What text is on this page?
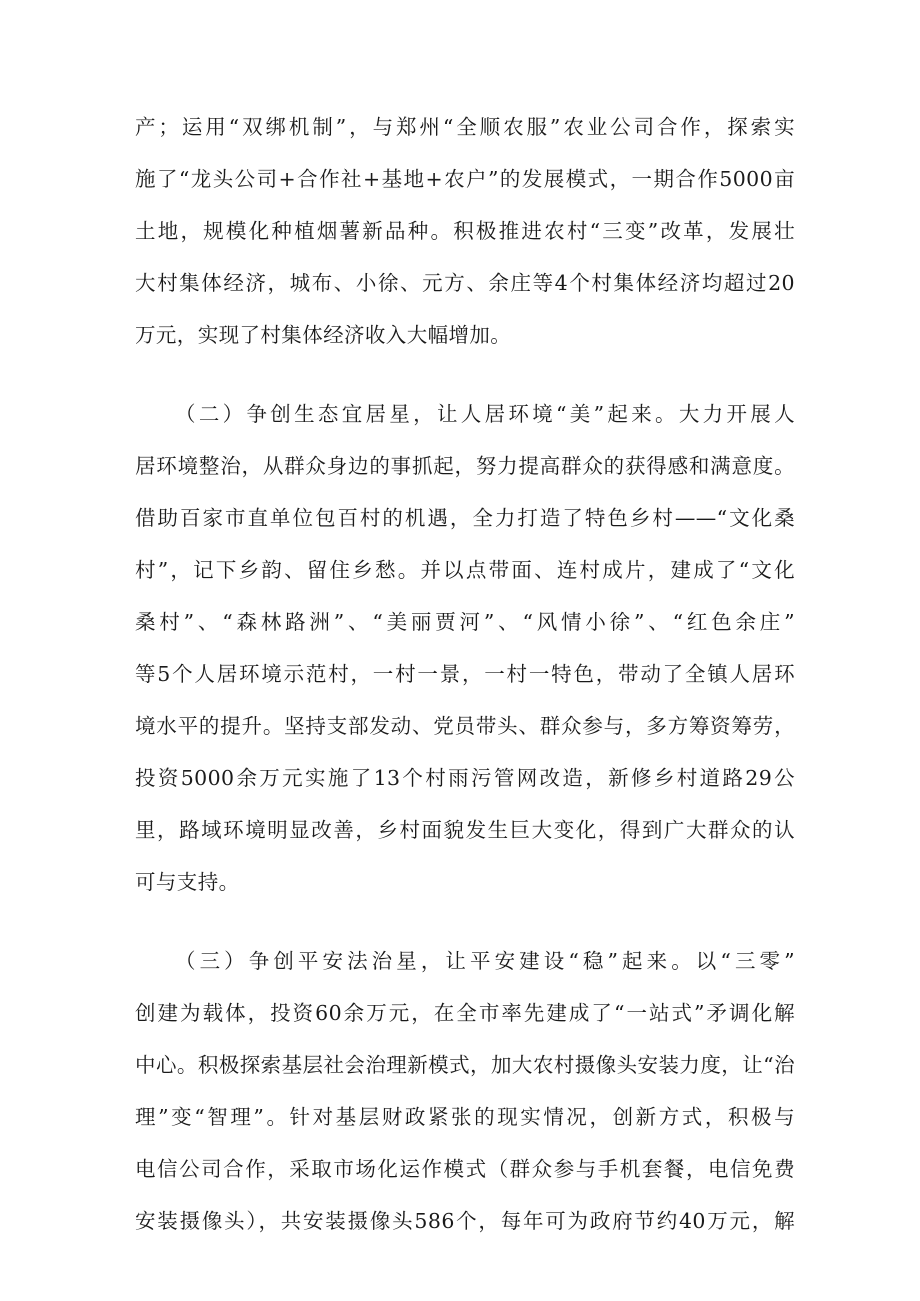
产；运用“双绑机制”，与郑州“全顺农服”农业公司合作，探索实
施了“龙头公司+合作社+基地+农户”的发展模式，一期合作5000亩
土地，规模化种植烟薯新品种。积极推进农村“三变”改革，发展壮
大村集体经济，城布、小徐、元方、余庄等4个村集体经济均超过20
万元，实现了村集体经济收入大幅增加。
（二）争创生态宜居星，让人居环境“美”起来。大力开展人
居环境整治，从群众身边的事抓起，努力提高群众的获得感和满意度。
借助百家市直单位包百村的机遇，全力打造了特色乡村——“文化桑
村”，记下乡韵、留住乡愁。并以点带面、连村成片，建成了“文化
桑村”、“森林路洲”、“美丽贾河”、“风情小徐”、“红色余庄”
等5个人居环境示范村，一村一景，一村一特色，带动了全镇人居环
境水平的提升。坚持支部发动、党员带头、群众参与，多方筹资筹劳，
投资5000余万元实施了13个村雨污管网改造，新修乡村道路29公
里，路域环境明显改善，乡村面貌发生巨大变化，得到广大群众的认
可与支持。
（三）争创平安法治星，让平安建设“稳”起来。以“三零”
创建为载体，投资60余万元，在全市率先建成了“一站式”矛调化解
中心。积极探索基层社会治理新模式，加大农村摄像头安装力度，让“治
理”变“智理”。针对基层财政紧张的现实情况，创新方式，积极与
电信公司合作，采取市场化运作模式（群众参与手机套餐，电信免费
安装摄像头），共安装摄像头586个，每年可为政府节约40万元，解
